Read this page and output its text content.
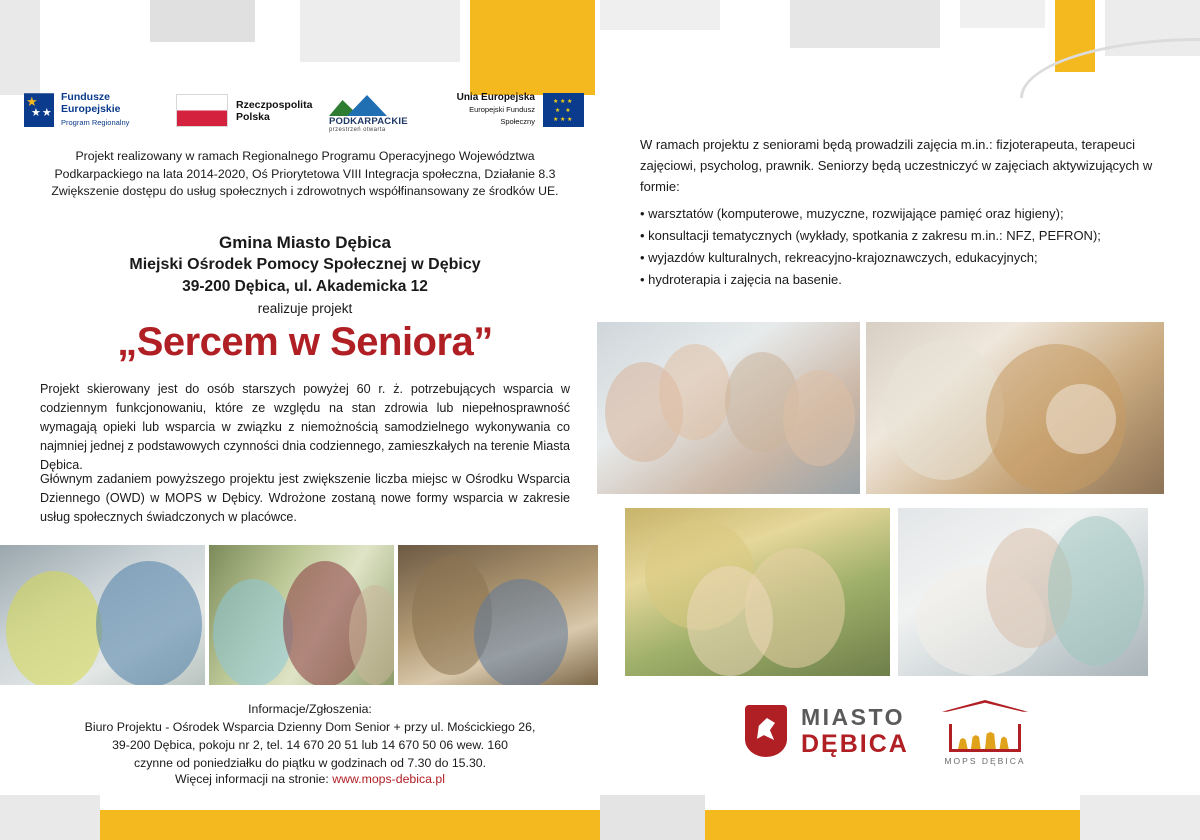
★ ★★
Fundusze
Europejskie
Program Regionalny
Rzeczpospolita
Polska	PODKARPACKIE
przestrzeń otwarta
Unia Europejska
Europejski Fundusz Społeczny
★ ★ ★ ★ ★ ★ ★ ★
Projekt realizowany w ramach Regionalnego Programu Operacyjnego Województwa Podkarpackiego na lata 2014-2020, Oś Priorytetowa VIII Integracja społeczna, Działanie 8.3 Zwiększenie dostępu do usług społecznych i zdrowotnych współfinansowany ze środków UE.
Gmina Miasto Dębica
Miejski Ośrodek Pomocy Społecznej w Dębicy
39-200 Dębica, ul. Akademicka 12
realizuje projekt
„Sercem w Seniora”
Projekt skierowany jest do osób starszych powyżej 60 r. ż. potrzebujących wsparcia w codziennym funkcjonowaniu, które ze względu na stan zdrowia lub niepełnosprawność wymagają opieki lub wsparcia w związku z niemożnością samodzielnego wykonywania co najmniej jednej z podstawowych czynności dnia codziennego, zamieszkałych na terenie Miasta Dębica.
Głównym zadaniem powyższego projektu jest zwiększenie liczba miejsc w Ośrodku Wsparcia Dziennego (OWD) w MOPS w Dębicy. Wdrożone zostaną nowe formy wsparcia w zakresie usług społecznych świadczonych w placówce.
W ramach projektu z seniorami będą prowadzili zajęcia m.in.: fizjoterapeuta, terapeuci zajęciowi, psycholog, prawnik. Seniorzy będą uczestniczyć w zajęciach aktywizujących w formie:
• warsztatów (komputerowe, muzyczne, rozwijające pamięć oraz higieny);
• konsultacji tematycznych (wykłady, spotkania z zakresu m.in.: NFZ, PEFRON);
• wyjazdów kulturalnych, rekreacyjno-krajoznawczych, edukacyjnych;
• hydroterapia i zajęcia na basenie.
Informacje/Zgłoszenia:
Biuro Projektu - Ośrodek Wsparcia Dzienny Dom Senior + przy ul. Mościckiego 26,
39-200 Dębica, pokoju nr 2, tel. 14 670 20 51 lub 14 670 50 06 wew. 160
czynne od poniedziałku do piątku w godzinach od 7.30 do 15.30.
Więcej informacji na stronie: www.mops-debica.pl
MIASTO
DĘBICA
MOPS DĘBICA
